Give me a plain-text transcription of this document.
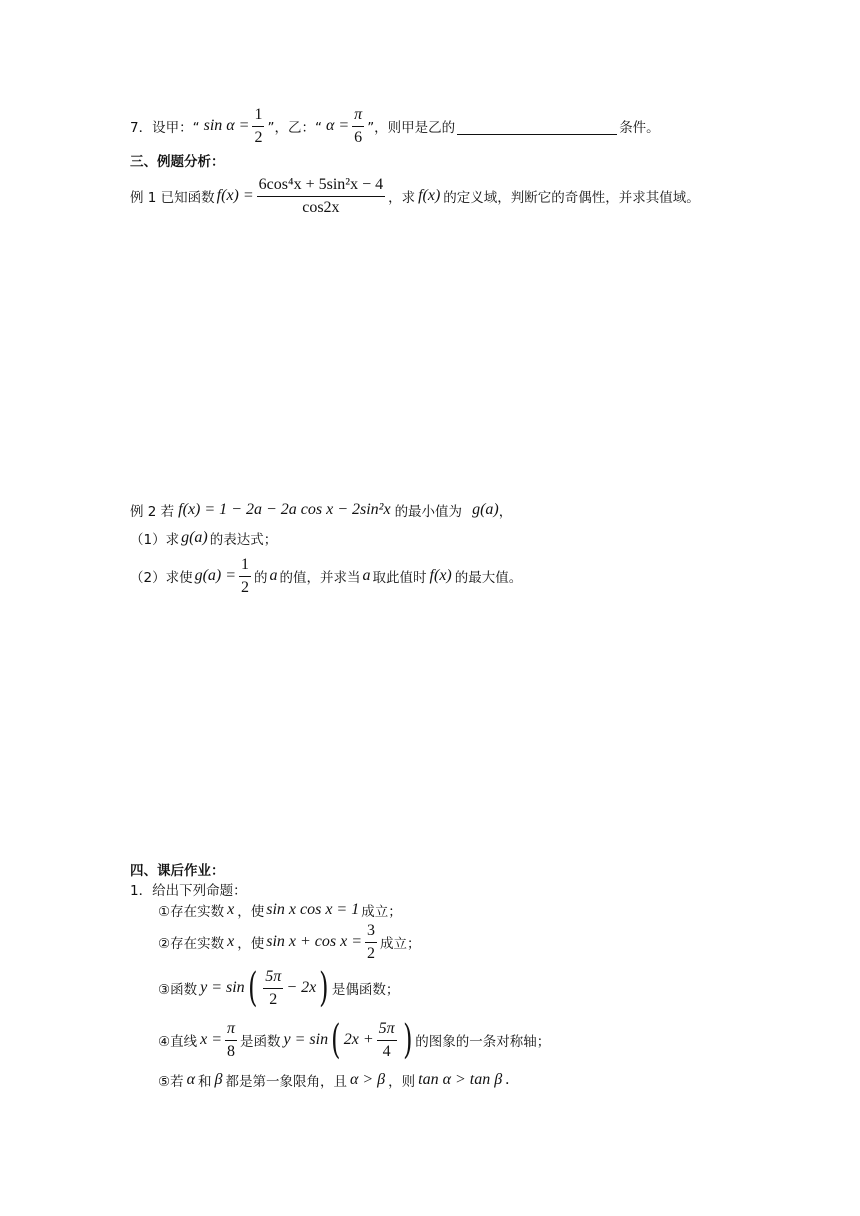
7．设甲：“ $\sin \alpha = \frac{1}{2}$ ”，乙：“ $\alpha = \frac{\pi}{6}$ ”，则甲是乙的	条件。
三、例题分析：
例 1 已知函数 $f(x) = \frac{\text{6cos⁴x + 5sin²x − 4}}{\cos 2x}$ ，求 f(x) 的定义域，判断它的奇偶性，并求其值域。
例 2 若 f(x) = 1 − 2a − 2a cos x − 2sin²x 的最小值为 g(a) ，
（1）求 g(a) 的表达式；
（2）求使 $g(a) = \frac{1}{2}$ 的 a 的值，并求当 a 取此值时 f(x) 的最大值。
四、课后作业：
1．给出下列命题：
①存在实数 x ，使 sin x cos x = 1 成立；
②存在实数 x ，使 $\sin x + \cos x = \frac{3}{2}$ 成立；
③函数 y = sin ( $\frac{5\pi}{2} - 2x$ ) 是偶函数；
④直线 $x = \frac{\pi}{8}$ 是函数 y = sin ( $2x + \frac{5\pi}{4}$ ) 的图象的一条对称轴；
⑤若 α 和 β 都是第一象限角，且 α > β ，则 tan α > tan β .
